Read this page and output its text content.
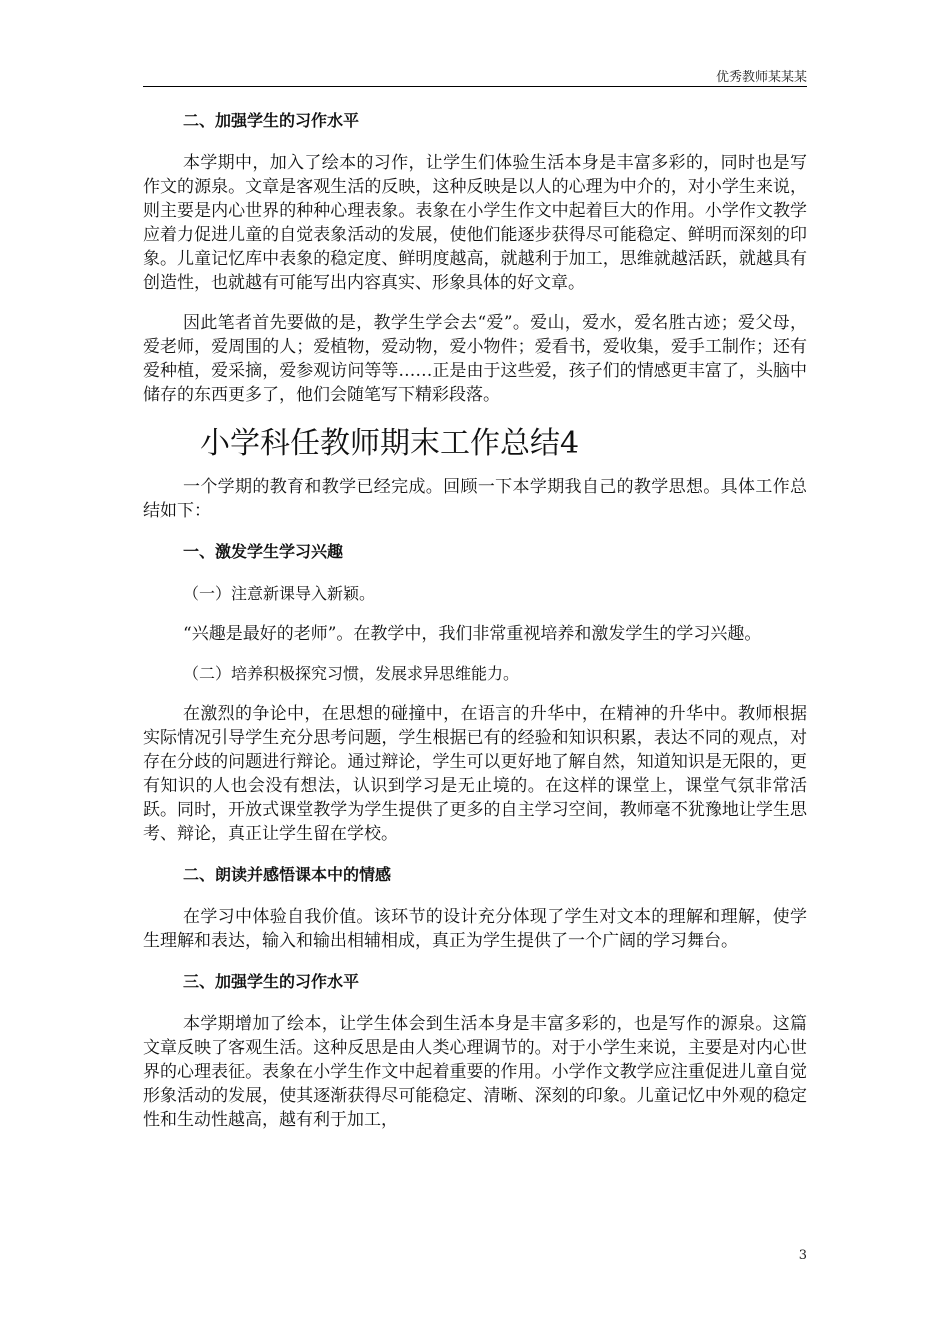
优秀教师某某某
二、加强学生的习作水平

本学期中，加入了绘本的习作，让学生们体验生活本身是丰富多彩的，同时也是写作文的源泉。文章是客观生活的反映，这种反映是以人的心理为中介的，对小学生来说，则主要是内心世界的种种心理表象。表象在小学生作文中起着巨大的作用。小学作文教学应着力促进儿童的自觉表象活动的发展，使他们能逐步获得尽可能稳定、鲜明而深刻的印象。儿童记忆库中表象的稳定度、鲜明度越高，就越利于加工，思维就越活跃，就越具有创造性，也就越有可能写出内容真实、形象具体的好文章。

因此笔者首先要做的是，教学生学会去“爱”。爱山，爱水，爱名胜古迹；爱父母，爱老师，爱周围的人；爱植物，爱动物，爱小物件；爱看书，爱收集，爱手工制作；还有爱种植，爱采摘，爱参观访问等等……正是由于这些爱，孩子们的情感更丰富了，头脑中储存的东西更多了，他们会随笔写下精彩段落。

小学科任教师期末工作总结4

一个学期的教育和教学已经完成。回顾一下本学期我自己的教学思想。具体工作总结如下：

一、激发学生学习兴趣

（一）注意新课导入新颖。

“兴趣是最好的老师”。在教学中，我们非常重视培养和激发学生的学习兴趣。

（二）培养积极探究习惯，发展求异思维能力。

在激烈的争论中，在思想的碰撞中，在语言的升华中，在精神的升华中。教师根据实际情况引导学生充分思考问题，学生根据已有的经验和知识积累，表达不同的观点，对存在分歧的问题进行辩论。通过辩论，学生可以更好地了解自然，知道知识是无限的，更有知识的人也会没有想法，认识到学习是无止境的。在这样的课堂上，课堂气氛非常活跃。同时，开放式课堂教学为学生提供了更多的自主学习空间，教师毫不犹豫地让学生思考、辩论，真正让学生留在学校。

二、朗读并感悟课本中的情感

在学习中体验自我价值。该环节的设计充分体现了学生对文本的理解和理解，使学生理解和表达，输入和输出相辅相成，真正为学生提供了一个广阔的学习舞台。

三、加强学生的习作水平

本学期增加了绘本，让学生体会到生活本身是丰富多彩的，也是写作的源泉。这篇文章反映了客观生活。这种反思是由人类心理调节的。对于小学生来说，主要是对内心世界的心理表征。表象在小学生作文中起着重要的作用。小学作文教学应注重促进儿童自觉形象活动的发展，使其逐渐获得尽可能稳定、清晰、深刻的印象。儿童记忆中外观的稳定性和生动性越高，越有利于加工，

3
